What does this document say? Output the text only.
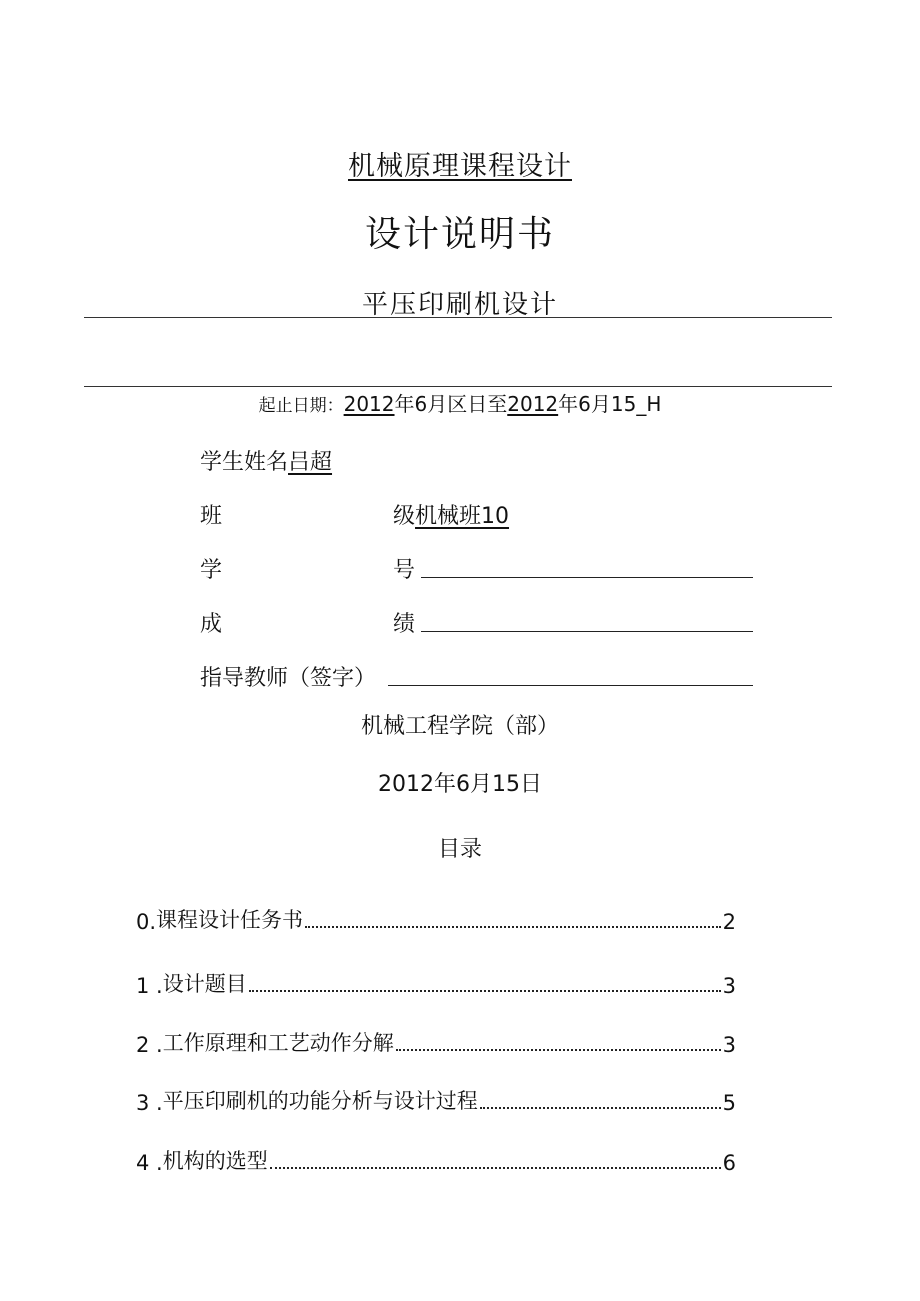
机械原理课程设计
设计说明书
平压印刷机设计
起止日期：2012年6月区日至2012年6月15_H
学生姓名吕超
班	级机械班10
学	号
成	绩
指导教师（签字）
机械工程学院（部）
2012年6月15日
目录
0. 课程设计任务书	2
1 . 设计题目	3
2 . 工作原理和工艺动作分解	3
3 . 平压印刷机的功能分析与设计过程	5
4 . 机构的选型	6
